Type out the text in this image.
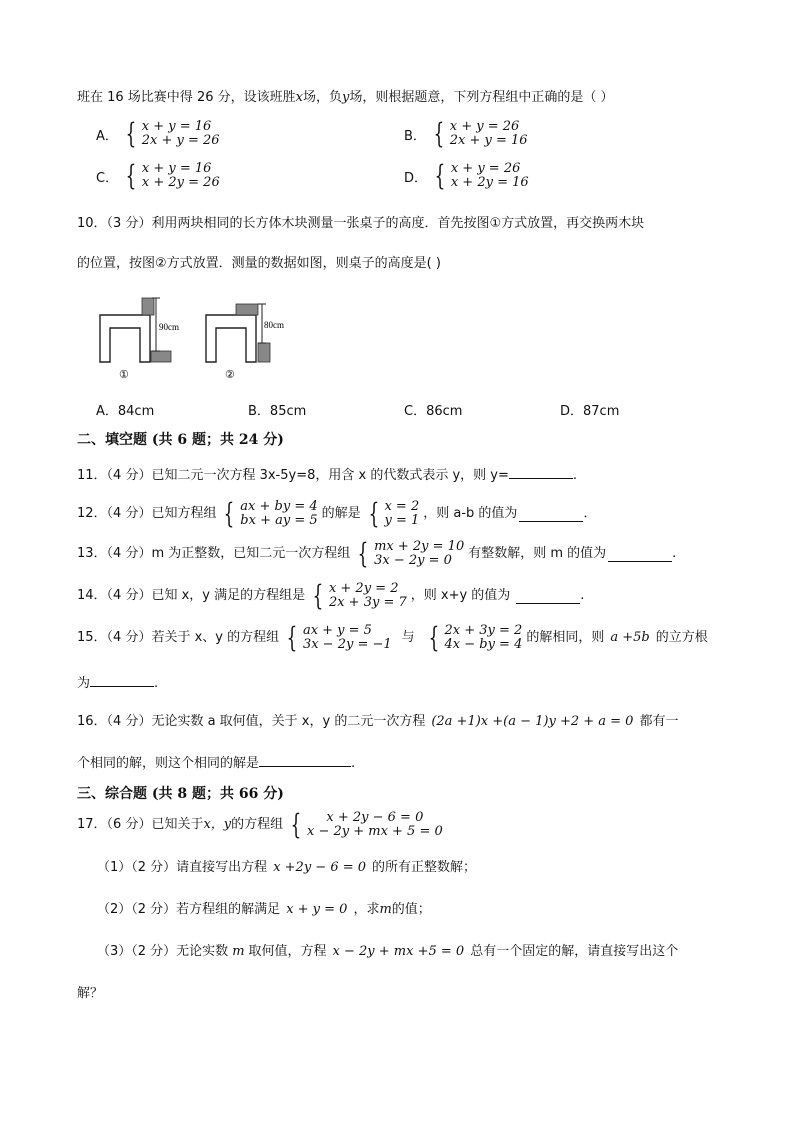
班在 16 场比赛中得 26 分，设该班胜x场，负y场，则根据题意，下列方程组中正确的是（ ）
A． { x + y = 16
2x + y = 26	B． { x + y = 26
2x + y = 16
C． { x + y = 16
x + 2y = 26	D． { x + y = 26
x + 2y = 16
10．（3 分）利用两块相同的长方体木块测量一张桌子的高度．首先按图①方式放置，再交换两木块
的位置，按图②方式放置．测量的数据如图，则桌子的高度是( )
90cm
①
80cm
②
A．84cm	B．85cm	C．86cm	D．87cm
二、填空题 (共 6 题；共 24 分)
11．（4 分）已知二元一次方程 3x-5y=8，用含 x 的代数式表示 y，则 y=	.
12．（4 分）已知方程组 { ax + by = 4
bx + ay = 5 的解是 { x = 2
y = 1 ，则 a-b 的值为	．
13．（4 分）m 为正整数，已知二元一次方程组 { mx + 2y = 10
3x − 2y = 0	有整数解，则 m 的值为	.
14．（4 分）已知 x，y 满足的方程组是 { x + 2y = 2
2x + 3y = 7 ，则 x+y 的值为	.
15．（4 分）若关于 x、y 的方程组 { ax + y = 5
3x − 2y = −1 与 { 2x + 3y = 2
4x − by = 4 的解相同，则 a +5b 的立方根
为	.
16．（4 分）无论实数 a 取何值，关于 x，y 的二元一次方程 (2a +1)x +(a − 1)y +2 + a = 0 都有一
个相同的解，则这个相同的解是	.
三、综合题 (共 8 题；共 66 分)
17．（6 分）已知关于 x，y 的方程组 { x + 2y − 6 = 0
x − 2y + mx + 5 = 0
（1）（2 分）请直接写出方程 x +2y − 6 = 0 的所有正整数解；
（2）（2 分）若方程组的解满足 x + y = 0 ，求m的值；
（3）（2 分）无论实数 m 取何值，方程 x − 2y + mx +5 = 0 总有一个固定的解，请直接写出这个
解？
